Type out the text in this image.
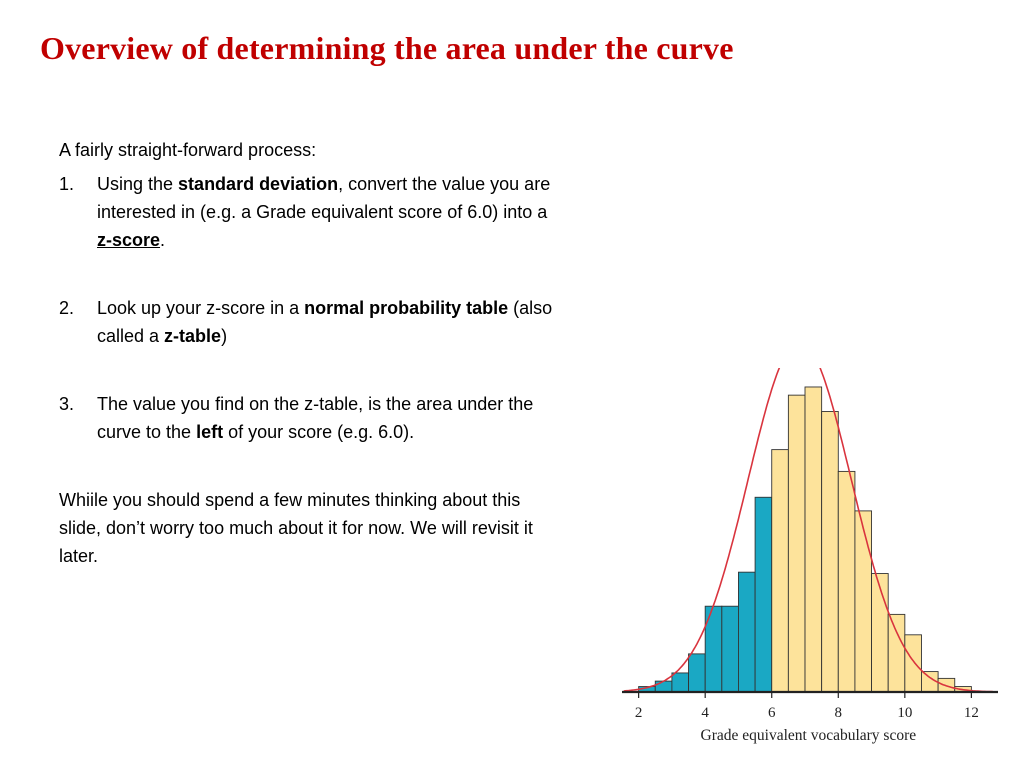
Overview of determining the area under the curve

A fairly straight-forward process:

1. Using the standard deviation, convert the value you are interested in (e.g. a Grade equivalent score of 6.0) into a z-score.
2. Look up your z-score in a normal probability table (also called a z-table)
3. The value you find on the z-table, is the area under the curve to the left of your score (e.g. 6.0).

Whiile you should spend a few minutes thinking about this slide, don’t worry too much about it for now. We will revisit it later.

2	4	6	8	10	12
Grade equivalent vocabulary score
